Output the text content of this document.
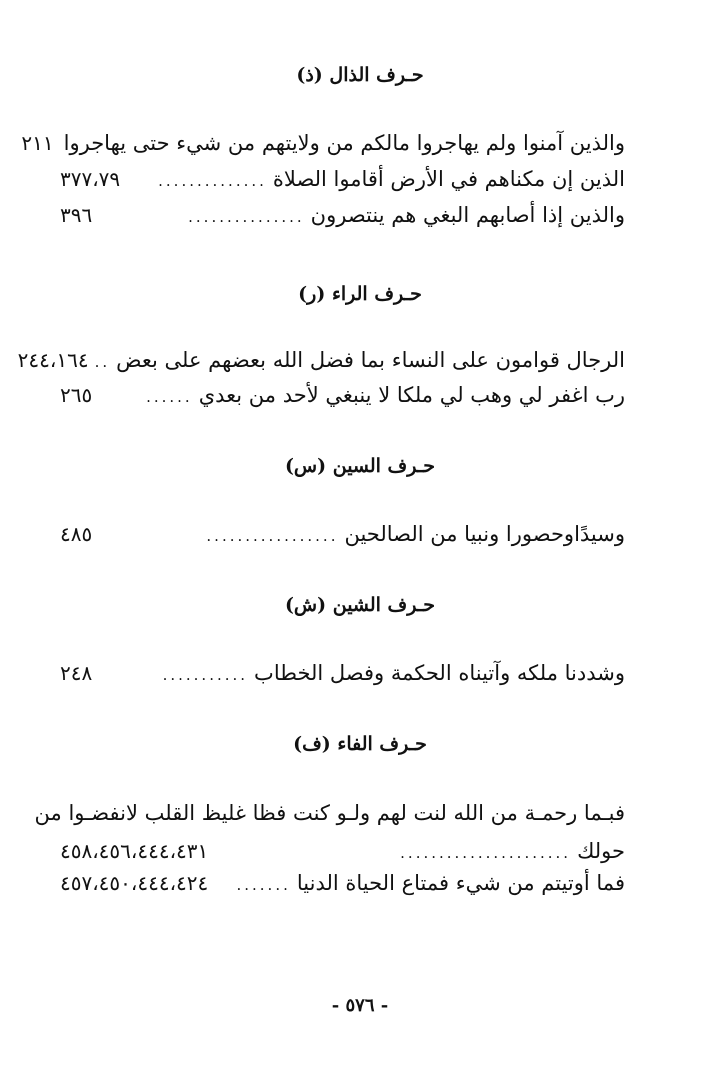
حـرف الذال (ذ)
والذين آمنوا ولم يهاجروا مالكم من ولايتهم من شيء حتى يهاجروا
٢١١
الذين إن مكناهم في الأرض أقاموا الصلاة
..............
٣٧٧،٧٩
والذين إذا أصابهم البغي هم ينتصرون
...............
٣٩٦
حـرف الراء (ر)
الرجال قوامون على النساء بما فضل الله بعضهم على بعض
..
٢٤٤،١٦٤
رب اغفر لي وهب لي ملكا لا ينبغي لأحد من بعدي
......
٢٦٥
حـرف السين (س)
وسيدًاوحصورا ونبيا من الصالحين
.................
٤٨٥
حـرف الشين (ش)
وشددنا ملكه وآتيناه الحكمة وفصل الخطاب
...........
٢٤٨
حـرف الفاء (ف)
فبـما رحمـة من الله لنت لهم ولـو كنت فظا غليظ القلب لانفضـوا من
حولك
......................
٤٥٨،٤٥٦،٤٤٤،٤٣١
فما أوتيتم من شيء فمتاع الحياة الدنيا
.......
٤٥٧،٤٥٠،٤٤٤،٤٢٤
- ٥٧٦ -
